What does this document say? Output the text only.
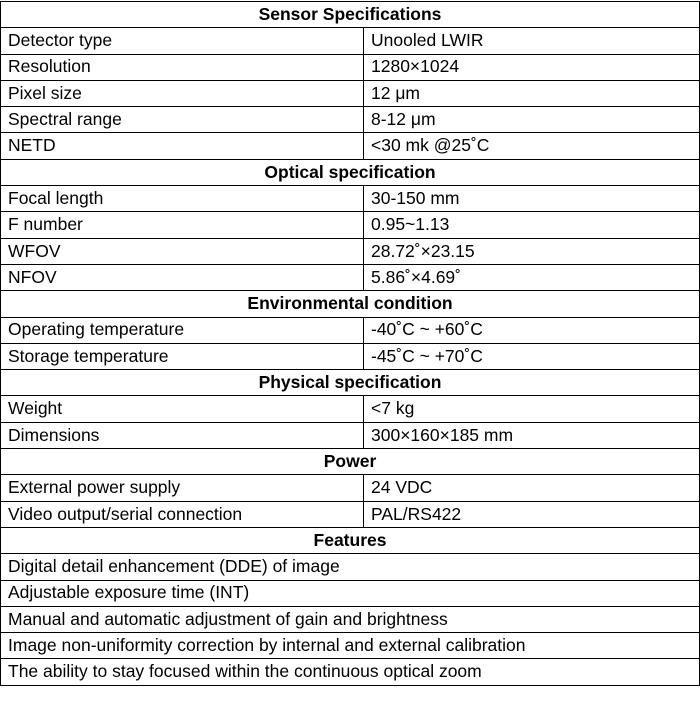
Sensor Specifications	
Detector type	Unooled LWIR
Resolution	1280×1024
Pixel size	12 μm
Spectral range	8-12 μm
NETD	<30 mk @25˚C
Optical specification	
Focal length	30-150 mm
F number	0.95~1.13
WFOV	28.72˚×23.15
NFOV	5.86˚×4.69˚
Environmental condition	
Operating temperature	-40˚C ~ +60˚C
Storage temperature	-45˚C ~ +70˚C
Physical specification	
Weight	<7 kg
Dimensions	300×160×185 mm
Power	
External power supply	24 VDC
Video output/serial connection	PAL/RS422
Features	
Digital detail enhancement (DDE) of image	
Adjustable exposure time (INT)	
Manual and automatic adjustment of gain and brightness	
Image non-uniformity correction by internal and external calibration	
The ability to stay focused within the continuous optical zoom	
